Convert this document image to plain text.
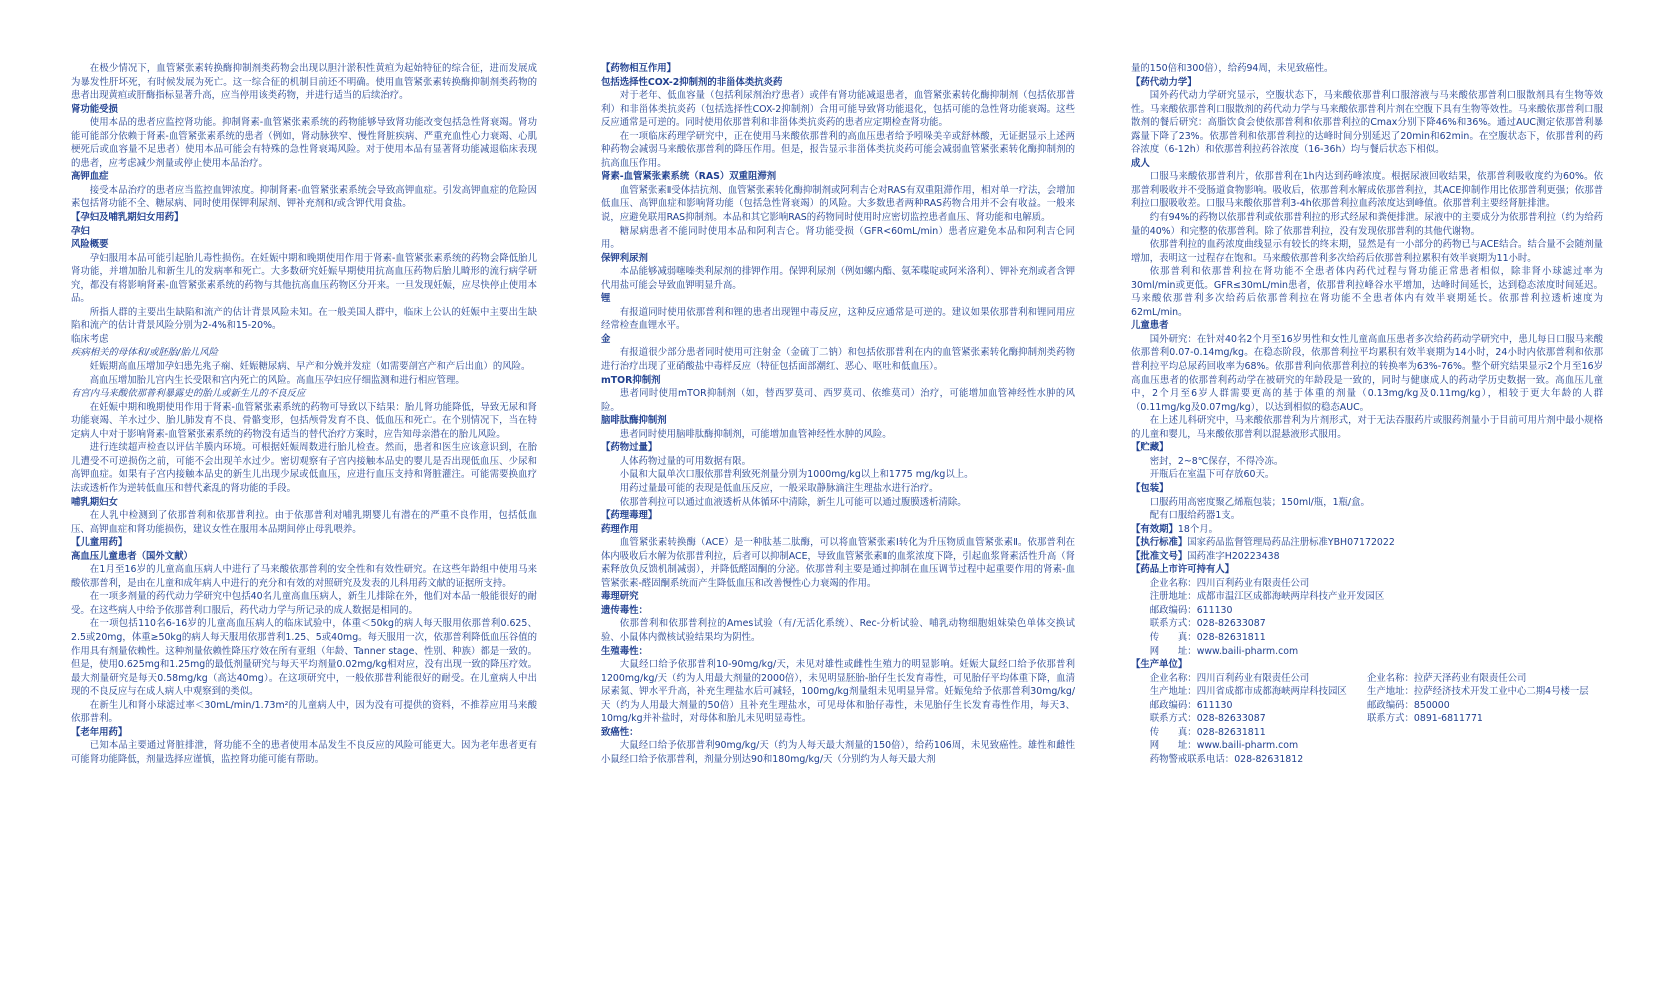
在极少情况下，血管紧张素转换酶抑制剂类药物会出现以胆汁淤积性黄疸为起始特征的综合征，进而发展成为暴发性肝坏死，有时候发展为死亡。这一综合征的机制目前还不明确。使用血管紧张素转换酶抑制剂类药物的患者出现黄疸或肝酶指标显著升高，应当停用该类药物，并进行适当的后续治疗。

肾功能受损

使用本品的患者应监控肾功能。抑制肾素-血管紧张素系统的药物能够导致肾功能改变包括急性肾衰竭。肾功能可能部分依赖于肾素-血管紧张素系统的患者（例如，肾动脉狭窄、慢性肾脏疾病、严重充血性心力衰竭、心肌梗死后或血容量不足患者）使用本品可能会有特殊的急性肾衰竭风险。对于使用本品有显著肾功能减退临床表现的患者，应考虑减少剂量或停止使用本品治疗。

高钾血症

接受本品治疗的患者应当监控血钾浓度。抑制肾素-血管紧张素系统会导致高钾血症。引发高钾血症的危险因素包括肾功能不全、糖尿病、同时使用保钾利尿剂、钾补充剂和/或含钾代用食盐。

【孕妇及哺乳期妇女用药】
孕妇
风险概要

孕妇服用本品可能引起胎儿毒性损伤。在妊娠中期和晚期使用作用于肾素-血管紧张素系统的药物会降低胎儿肾功能，并增加胎儿和新生儿的发病率和死亡。大多数研究妊娠早期使用抗高血压药物后胎儿畸形的流行病学研究，都没有将影响肾素-血管紧张素系统的药物与其他抗高血压药物区分开来。一旦发现妊娠，应尽快停止使用本品。

所指人群的主要出生缺陷和流产的估计背景风险未知。在一般美国人群中，临床上公认的妊娠中主要出生缺陷和流产的估计背景风险分别为2-4%和15-20%。

临床考虑
疾病相关的母体和/或胚胎/胎儿风险

妊娠期高血压增加孕妇患先兆子痫、妊娠糖尿病、早产和分娩并发症（如需要剖宫产和产后出血）的风险。

高血压增加胎儿宫内生长受限和宫内死亡的风险。高血压孕妇应仔细监测和进行相应管理。

有宫内马来酸依那普利暴露史的胎儿或新生儿的不良反应

在妊娠中期和晚期使用作用于肾素-血管紧张素系统的药物可导致以下结果：胎儿肾功能降低，导致无尿和肾功能衰竭、羊水过少、胎儿肺发育不良、骨骼变形，包括颅骨发育不良、低血压和死亡。在个别情况下，当在特定病人中对于影响肾素-血管紧张素系统的药物没有适当的替代治疗方案时，应告知母亲潜在的胎儿风险。

进行连续超声检查以评估羊膜内环境。可根据妊娠周数进行胎儿检查。然而，患者和医生应该意识到，在胎儿遭受不可逆损伤之前，可能不会出现羊水过少。密切观察有子宫内接触本品史的婴儿是否出现低血压、少尿和高钾血症。如果有子宫内接触本品史的新生儿出现少尿或低血压，应进行血压支持和肾脏灌注。可能需要换血疗法或透析作为逆转低血压和替代紊乱的肾功能的手段。

哺乳期妇女

在人乳中检测到了依那普利和依那普利拉。由于依那普利对哺乳期婴儿有潜在的严重不良作用，包括低血压、高钾血症和肾功能损伤，建议女性在服用本品期间停止母乳喂养。

【儿童用药】
高血压儿童患者（国外文献）

在1月至16岁的儿童高血压病人中进行了马来酸依那普利的安全性和有效性研究。在这些年龄组中使用马来酸依那普利，是由在儿童和成年病人中进行的充分和有效的对照研究及发表的儿科用药文献的证据所支持。

在一项多剂量的药代动力学研究中包括40名儿童高血压病人，新生儿排除在外，他们对本品一般能很好的耐受。在这些病人中给予依那普利口服后，药代动力学与所记录的成人数据是相同的。

在一项包括110名6-16岁的儿童高血压病人的临床试验中，体重＜50kg的病人每天服用依那普利0.625、2.5或20mg，体重≥50kg的病人每天服用依那普利1.25、5或40mg。每天服用一次，依那普利降低血压谷值的作用具有剂量依赖性。这种剂量依赖性降压疗效在所有亚组（年龄、Tanner stage、性别、种族）都是一致的。但是，使用0.625mg和1.25mg的最低剂量研究与每天平均剂量0.02mg/kg相对应，没有出现一致的降压疗效。最大剂量研究是每天0.58mg/kg（高达40mg）。在这项研究中，一般依那普利能很好的耐受。在儿童病人中出现的不良反应与在成人病人中观察到的类似。

在新生儿和肾小球滤过率＜30mL/min/1.73m²的儿童病人中，因为没有可提供的资料，不推荐应用马来酸依那普利。

【老年用药】

已知本品主要通过肾脏排泄，肾功能不全的患者使用本品发生不良反应的风险可能更大。因为老年患者更有可能肾功能降低，剂量选择应谨慎，监控肾功能可能有帮助。

【药物相互作用】
包括选择性COX-2抑制剂的非甾体类抗炎药

对于老年、低血容量（包括利尿剂治疗患者）或伴有肾功能减退患者，血管紧张素转化酶抑制剂（包括依那普利）和非甾体类抗炎药（包括选择性COX-2抑制剂）合用可能导致肾功能退化，包括可能的急性肾功能衰竭。这些反应通常是可逆的。同时使用依那普利和非甾体类抗炎药的患者应定期检查肾功能。

在一项临床药理学研究中，正在使用马来酸依那普利的高血压患者给予吲哚美辛或舒林酸，无证据显示上述两种药物会减弱马来酸依那普利的降压作用。但是，报告显示非甾体类抗炎药可能会减弱血管紧张素转化酶抑制剂的抗高血压作用。

肾素-血管紧张素系统（RAS）双重阻滞剂

血管紧张素Ⅱ受体拮抗剂、血管紧张素转化酶抑制剂或阿利吉仑对RAS有双重阻滞作用，相对单一疗法，会增加低血压、高钾血症和影响肾功能（包括急性肾衰竭）的风险。大多数患者两种RAS药物合用并不会有收益。一般来说，应避免联用RAS抑制剂。本品和其它影响RAS的药物同时使用时应密切监控患者血压、肾功能和电解质。

糖尿病患者不能同时使用本品和阿利吉仑。肾功能受损（GFR<60mL/min）患者应避免本品和阿利吉仑同用。

保钾利尿剂

本品能够减弱噻嗪类利尿剂的排钾作用。保钾利尿剂（例如螺内酯、氨苯喋啶或阿米洛利）、钾补充剂或者含钾代用盐可能会导致血钾明显升高。

锂

有报道同时使用依那普利和锂的患者出现锂中毒反应，这种反应通常是可逆的。建议如果依那普利和锂同用应经常检查血锂水平。

金

有报道很少部分患者同时使用可注射金（金硫丁二钠）和包括依那普利在内的血管紧张素转化酶抑制剂类药物进行治疗出现了亚硝酸盐中毒样反应（特征包括面部潮红、恶心、呕吐和低血压）。

mTOR抑制剂

患者同时使用mTOR抑制剂（如，替西罗莫司、西罗莫司、依维莫司）治疗，可能增加血管神经性水肿的风险。

脑啡肽酶抑制剂

患者同时使用脑啡肽酶抑制剂，可能增加血管神经性水肿的风险。

【药物过量】

人体药物过量的可用数据有限。

小鼠和大鼠单次口服依那普利致死剂量分别为1000mg/kg以上和1775 mg/kg以上。

用药过量最可能的表现是低血压反应，一般采取静脉滴注生理盐水进行治疗。

依那普利拉可以通过血液透析从体循环中清除，新生儿可能可以通过腹膜透析清除。

【药理毒理】
药理作用

血管紧张素转换酶（ACE）是一种肽基二肽酶，可以将血管紧张素Ⅰ转化为升压物质血管紧张素Ⅱ。依那普利在体内吸收后水解为依那普利拉，后者可以抑制ACE，导致血管紧张素Ⅱ的血浆浓度下降，引起血浆肾素活性升高（肾素释放负反馈机制减弱），并降低醛固酮的分泌。依那普利主要是通过抑制在血压调节过程中起重要作用的肾素-血管紧张素-醛固酮系统而产生降低血压和改善慢性心力衰竭的作用。

毒理研究
遗传毒性：

依那普利和依那普利拉的Ames试验（有/无活化系统）、Rec-分析试验、哺乳动物细胞姐妹染色单体交换试验、小鼠体内微核试验结果均为阴性。

生殖毒性：

大鼠经口给予依那普利10-90mg/kg/天，未见对雄性或雌性生殖力的明显影响。妊娠大鼠经口给予依那普利1200mg/kg/天（约为人用最大剂量的2000倍），未见明显胚胎-胎仔生长发育毒性，可见胎仔平均体重下降，血清尿素氮、钾水平升高，补充生理盐水后可减轻，100mg/kg剂量组未见明显异常。妊娠兔给予依那普利30mg/kg/天（约为人用最大剂量的50倍）且补充生理盐水，可见母体和胎仔毒性，未见胎仔生长发育毒性作用，每天3、10mg/kg并补盐时，对母体和胎儿未见明显毒性。

致癌性：

大鼠经口给予依那普利90mg/kg/天（约为人每天最大剂量的150倍），给药106周，未见致癌性。雄性和雌性小鼠经口给予依那普利，剂量分别达90和180mg/kg/天（分别约为人每天最大剂

量的150倍和300倍），给药94周，未见致癌性。

【药代动力学】

国外药代动力学研究显示，空腹状态下，马来酸依那普利口服溶液与马来酸依那普利口服散剂具有生物等效性。马来酸依那普利口服散剂的药代动力学与马来酸依那普利片剂在空腹下具有生物等效性。马来酸依那普利口服散剂的餐后研究：高脂饮食会使依那普利和依那普利拉的Cmax分别下降46%和36%。通过AUC测定依那普利暴露量下降了23%。依那普利和依那普利拉的达峰时间分别延迟了20min和62min。在空腹状态下，依那普利的药谷浓度（6-12h）和依那普利拉药谷浓度（16-36h）均与餐后状态下相似。

成人

口服马来酸依那普利片，依那普利在1h内达到药峰浓度。根据尿液回收结果，依那普利吸收度约为60%。依那普利吸收并不受肠道食物影响。吸收后，依那普利水解成依那普利拉，其ACE抑制作用比依那普利更强；依那普利拉口服吸收差。口服马来酸依那普利3-4h依那普利拉血药浓度达到峰值。依那普利主要经肾脏排泄。

约有94%的药物以依那普利或依那普利拉的形式经尿和粪便排泄。尿液中的主要成分为依那普利拉（约为给药量的40%）和完整的依那普利。除了依那普利拉，没有发现依那普利的其他代谢物。

依那普利拉的血药浓度曲线显示有较长的终末期，显然是有一小部分的药物已与ACE结合。结合量不会随剂量增加，表明这一过程存在饱和。马来酸依那普利多次给药后依那普利拉累积有效半衰期为11小时。

依那普利和依那普利拉在肾功能不全患者体内药代过程与肾功能正常患者相似，除非肾小球滤过率为30ml/min或更低。GFR≤30mL/min患者，依那普利拉峰谷水平增加，达峰时间延长，达到稳态浓度时间延迟。马来酸依那普利多次给药后依那普利拉在肾功能不全患者体内有效半衰期延长。依那普利拉透析速度为62mL/min。

儿童患者

国外研究：在针对40名2个月至16岁男性和女性儿童高血压患者多次给药药动学研究中，患儿每日口服马来酸依那普利0.07-0.14mg/kg。在稳态阶段，依那普利拉平均累积有效半衰期为14小时，24小时内依那普利和依那普利拉平均总尿药回收率为68%。依那普利向依那普利拉的转换率为63%-76%。整个研究结果显示2个月至16岁高血压患者的依那普利药动学在被研究的年龄段是一致的，同时与健康成人的药动学历史数据一致。高血压儿童中，2个月至6岁人群需要更高的基于体重的剂量（0.13mg/kg及0.11mg/kg），相较于更大年龄的人群（0.11mg/kg及0.07mg/kg），以达到相似的稳态AUC。

在上述儿科研究中，马来酸依那普利为片剂形式，对于无法吞服药片或服药剂量小于目前可用片剂中最小规格的儿童和婴儿，马来酸依那普利以混悬液形式服用。

【贮藏】

密封，2~8℃保存，不得冷冻。

开瓶后在室温下可存放60天。

【包装】

口服药用高密度聚乙烯瓶包装；150ml/瓶，1瓶/盒。

配有口服给药器1支。

【有效期】18个月。
【执行标准】国家药品监督管理局药品注册标准YBH07172022
【批准文号】国药准字H20223438
【药品上市许可持有人】
企业名称： 四川百利药业有限责任公司
注册地址： 成都市温江区成都海峡两岸科技产业开发园区
邮政编码： 611130
联系方式： 028-82633087
传　　真： 028-82631811
网　　址： www.baili-pharm.com
【生产单位】
企业名称： 四川百利药业有限责任公司
生产地址： 四川省成都市成都海峡两岸科技园区
邮政编码： 611130
联系方式： 028-82633087
传　　真： 028-82631811
网　　址： www.baili-pharm.com
药物警戒联系电话： 028-82631812
企业名称： 拉萨天泽药业有限责任公司
生产地址： 拉萨经济技术开发工业中心二期4号楼一层
邮政编码： 850000
联系方式： 0891-6811771
